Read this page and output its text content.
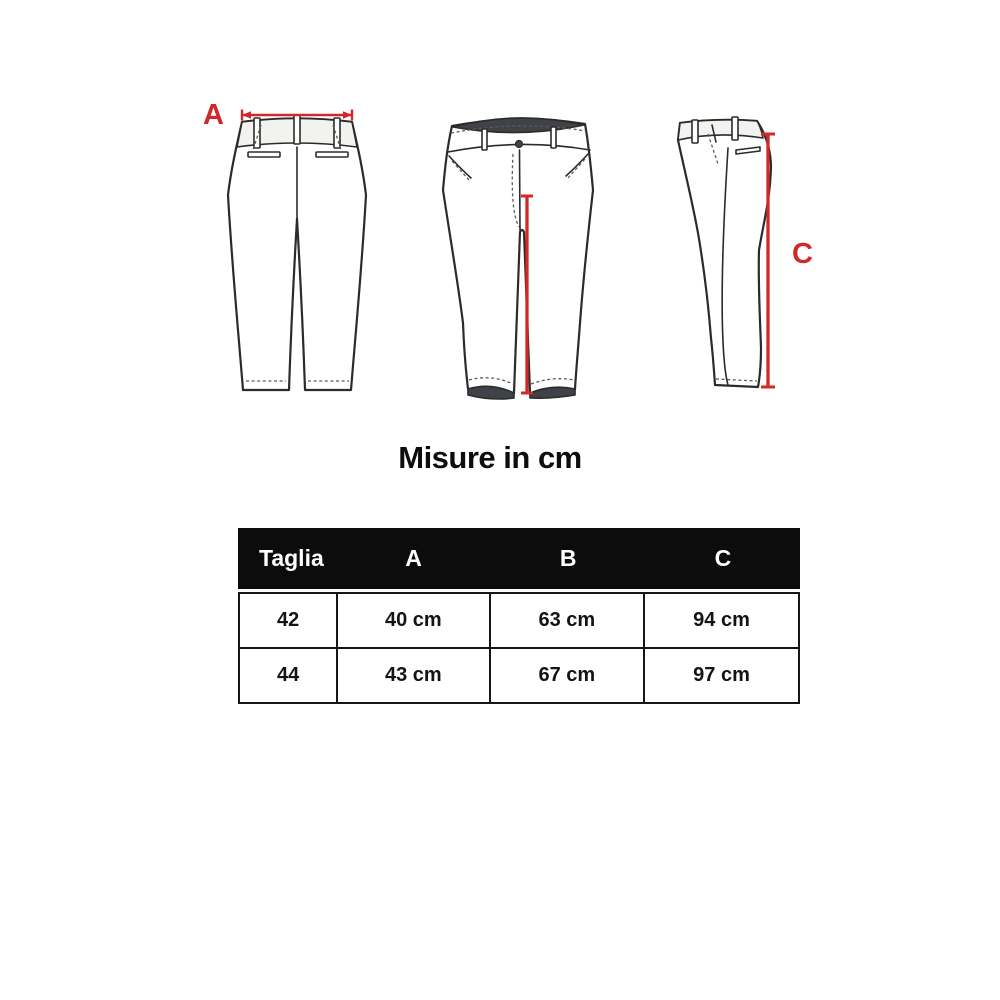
A
C
Misure in cm
Taglia	A	B	C
42	40 cm	63 cm	94 cm
44	43 cm	67 cm	97 cm
